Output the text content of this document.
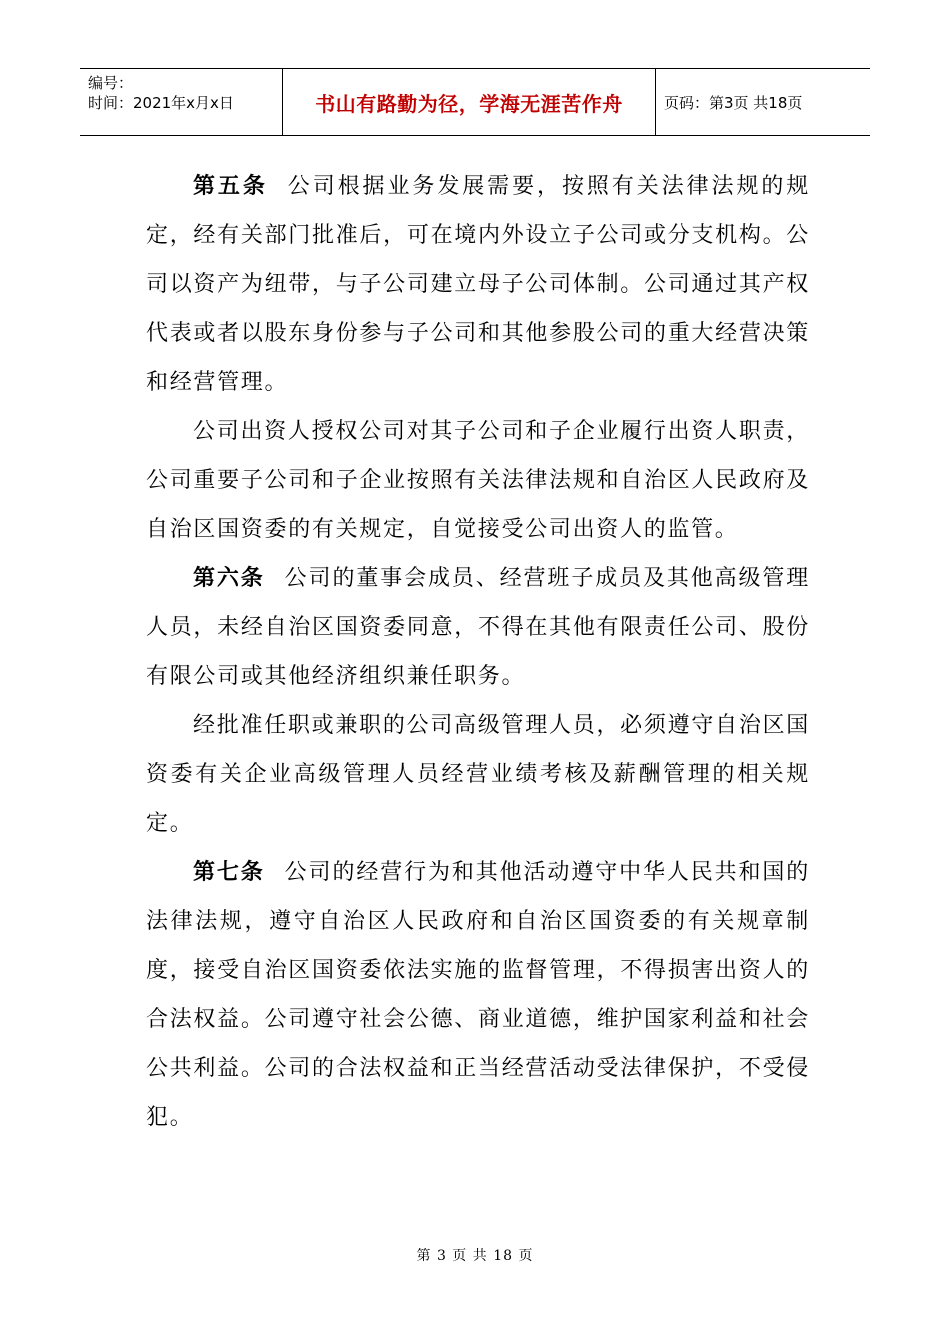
编号：
时间：2021年x月x日	书山有路勤为径，学海无涯苦作舟	页码：第3页 共18页

第五条 公司根据业务发展需要，按照有关法律法规的规定，经有关部门批准后，可在境内外设立子公司或分支机构。公司以资产为纽带，与子公司建立母子公司体制。公司通过其产权代表或者以股东身份参与子公司和其他参股公司的重大经营决策和经营管理。

公司出资人授权公司对其子公司和子企业履行出资人职责，公司重要子公司和子企业按照有关法律法规和自治区人民政府及自治区国资委的有关规定，自觉接受公司出资人的监管。

第六条 公司的董事会成员、经营班子成员及其他高级管理人员，未经自治区国资委同意，不得在其他有限责任公司、股份有限公司或其他经济组织兼任职务。

经批准任职或兼职的公司高级管理人员，必须遵守自治区国资委有关企业高级管理人员经营业绩考核及薪酬管理的相关规定。

第七条 公司的经营行为和其他活动遵守中华人民共和国的法律法规，遵守自治区人民政府和自治区国资委的有关规章制度，接受自治区国资委依法实施的监督管理，不得损害出资人的合法权益。公司遵守社会公德、商业道德，维护国家利益和社会公共利益。公司的合法权益和正当经营活动受法律保护，不受侵犯。

第 3 页 共 18 页
